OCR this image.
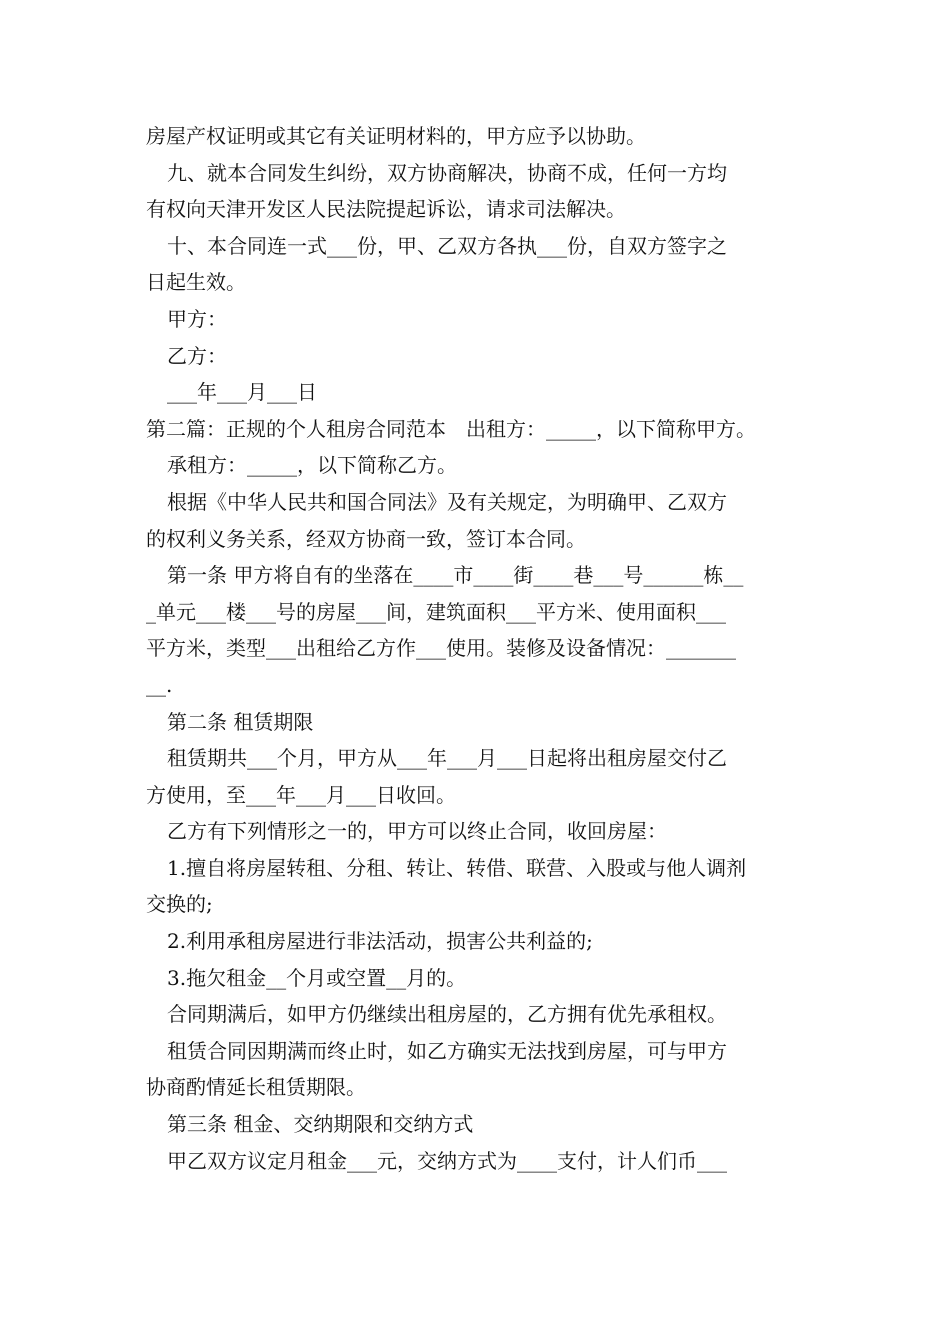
房屋产权证明或其它有关证明材料的，甲方应予以协助。
九、就本合同发生纠纷，双方协商解决，协商不成，任何一方均
有权向天津开发区人民法院提起诉讼，请求司法解决。
十、本合同连一式___份，甲、乙双方各执___份，自双方签字之
日起生效。
甲方：
乙方：
___年___月___日
第二篇：正规的个人租房合同范本　出租方：_____，以下简称甲方。
承租方：_____，以下简称乙方。
根据《中华人民共和国合同法》及有关规定，为明确甲、乙双方
的权利义务关系，经双方协商一致，签订本合同。
第一条 甲方将自有的坐落在____市____街____巷___号______栋__
_单元___楼___号的房屋___间，建筑面积___平方米、使用面积___
平方米，类型___出租给乙方作___使用。装修及设备情况：_______
__.
第二条 租赁期限
租赁期共___个月，甲方从___年___月___日起将出租房屋交付乙
方使用，至___年___月___日收回。
乙方有下列情形之一的，甲方可以终止合同，收回房屋：
1.擅自将房屋转租、分租、转让、转借、联营、入股或与他人调剂
交换的;
2.利用承租房屋进行非法活动，损害公共利益的;
3.拖欠租金__个月或空置__月的。
合同期满后，如甲方仍继续出租房屋的，乙方拥有优先承租权。
租赁合同因期满而终止时，如乙方确实无法找到房屋，可与甲方
协商酌情延长租赁期限。
第三条 租金、交纳期限和交纳方式
甲乙双方议定月租金___元，交纳方式为____支付，计人们币___
